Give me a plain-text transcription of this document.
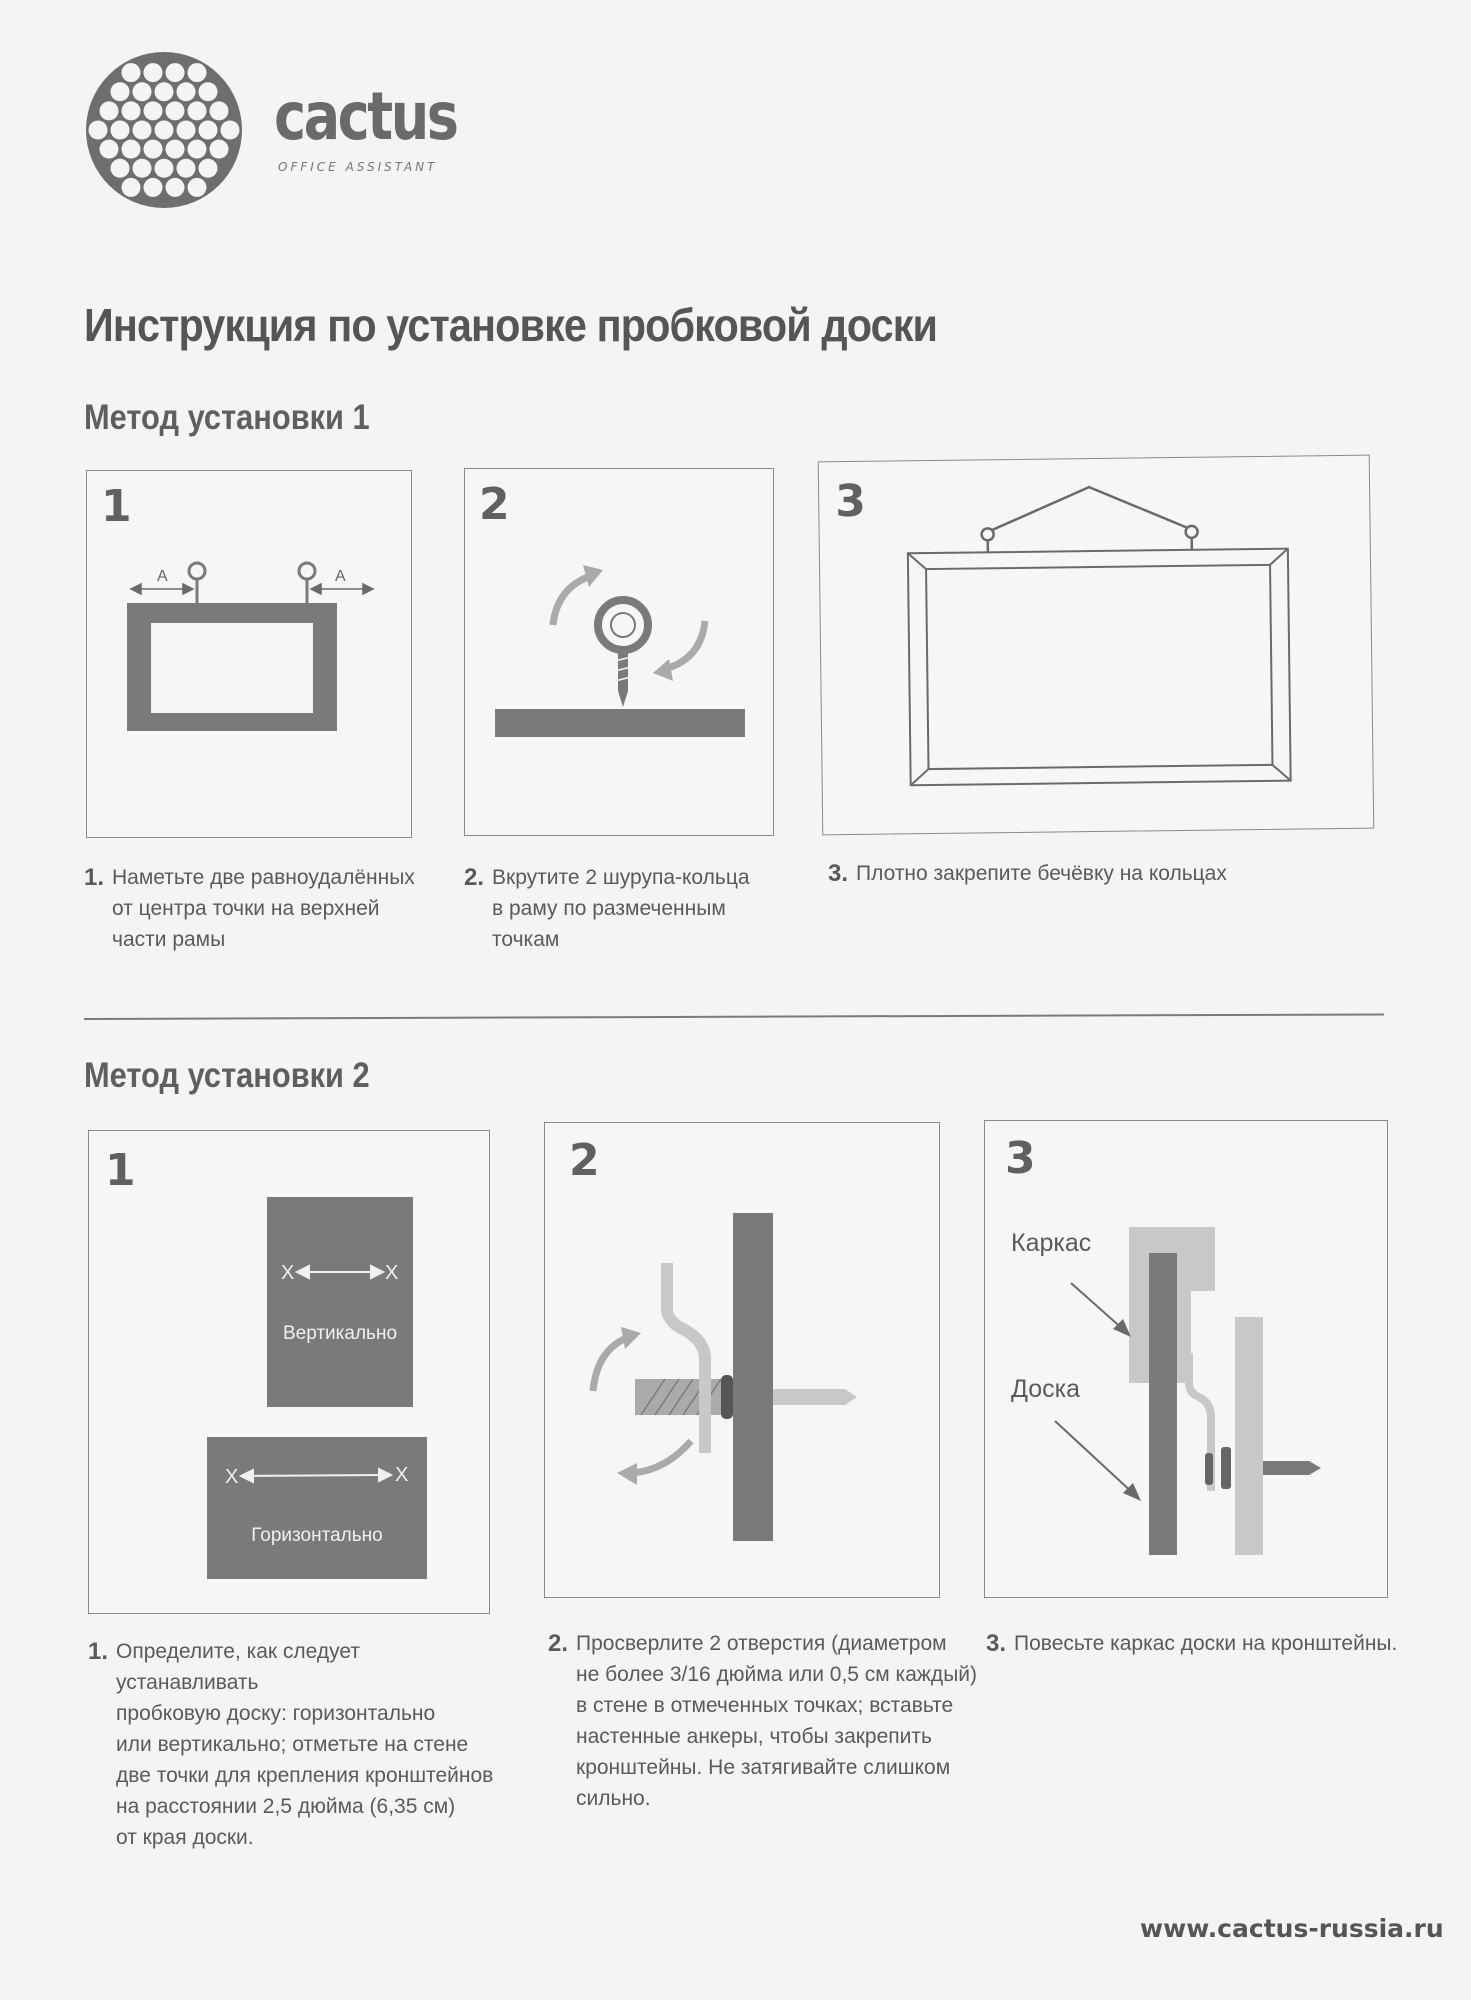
cactus
OFFICE ASSISTANT
Инструкция по установке пробковой доски
Метод установки 1
1
A	A
2	3
1. Наметьте две равноудалённых
от центра точки на верхней
части рамы
2. Вкрутите 2 шурупа-кольца
в раму по размеченным
точкам
3. Плотно закрепите бечёвку на кольцах
Метод установки 2
1
Вертикально
X	X
Горизонтально
X	X
2	3
Каркас
Доска
1. Определите, как следует устанавливать
пробковую доску: горизонтально
или вертикально; отметьте на стене
две точки для крепления кронштейнов
на расстоянии 2,5 дюйма (6,35 см)
от края доски.
2. Просверлите 2 отверстия (диаметром
не более 3/16 дюйма или 0,5 см каждый)
в стене в отмеченных точках; вставьте
настенные анкеры, чтобы закрепить
кронштейны. Не затягивайте слишком
сильно.
3. Повесьте каркас доски на кронштейны.
www.cactus-russia.ru
